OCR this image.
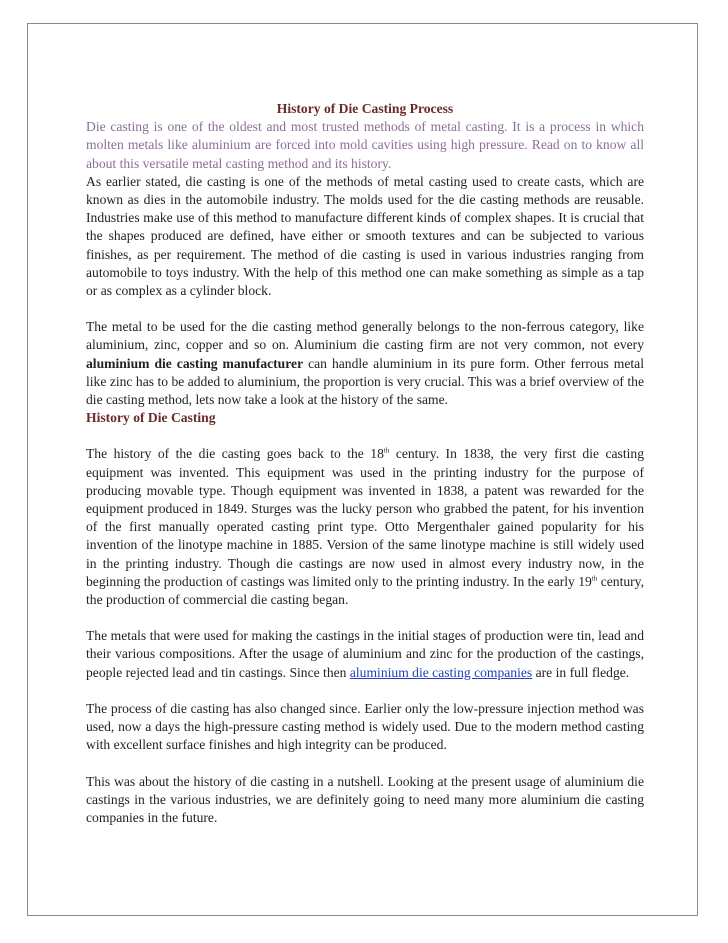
History of Die Casting Process

Die casting is one of the oldest and most trusted methods of metal casting. It is a process in which molten metals like aluminium are forced into mold cavities using high pressure. Read on to know all about this versatile metal casting method and its history.

As earlier stated, die casting is one of the methods of metal casting used to create casts, which are known as dies in the automobile industry. The molds used for the die casting methods are reusable. Industries make use of this method to manufacture different kinds of complex shapes. It is crucial that the shapes produced are defined, have either or smooth textures and can be subjected to various finishes, as per requirement. The method of die casting is used in various industries ranging from automobile to toys industry. With the help of this method one can make something as simple as a tap or as complex as a cylinder block.

The metal to be used for the die casting method generally belongs to the non-ferrous category, like aluminium, zinc, copper and so on. Aluminium die casting firm are not very common, not every aluminium die casting manufacturer can handle aluminium in its pure form. Other ferrous metal like zinc has to be added to aluminium, the proportion is very crucial. This was a brief overview of the die casting method, lets now take a look at the history of the same.

History of Die Casting

The history of the die casting goes back to the 18th century. In 1838, the very first die casting equipment was invented. This equipment was used in the printing industry for the purpose of producing movable type. Though equipment was invented in 1838, a patent was rewarded for the equipment produced in 1849. Sturges was the lucky person who grabbed the patent, for his invention of the first manually operated casting print type. Otto Mergenthaler gained popularity for his invention of the linotype machine in 1885. Version of the same linotype machine is still widely used in the printing industry. Though die castings are now used in almost every industry now, in the beginning the production of castings was limited only to the printing industry. In the early 19th century, the production of commercial die casting began.

The metals that were used for making the castings in the initial stages of production were tin, lead and their various compositions. After the usage of aluminium and zinc for the production of the castings, people rejected lead and tin castings. Since then aluminium die casting companies are in full fledge.

The process of die casting has also changed since. Earlier only the low-pressure injection method was used, now a days the high-pressure casting method is widely used. Due to the modern method casting with excellent surface finishes and high integrity can be produced.

This was about the history of die casting in a nutshell. Looking at the present usage of aluminium die castings in the various industries, we are definitely going to need many more aluminium die casting companies in the future.
